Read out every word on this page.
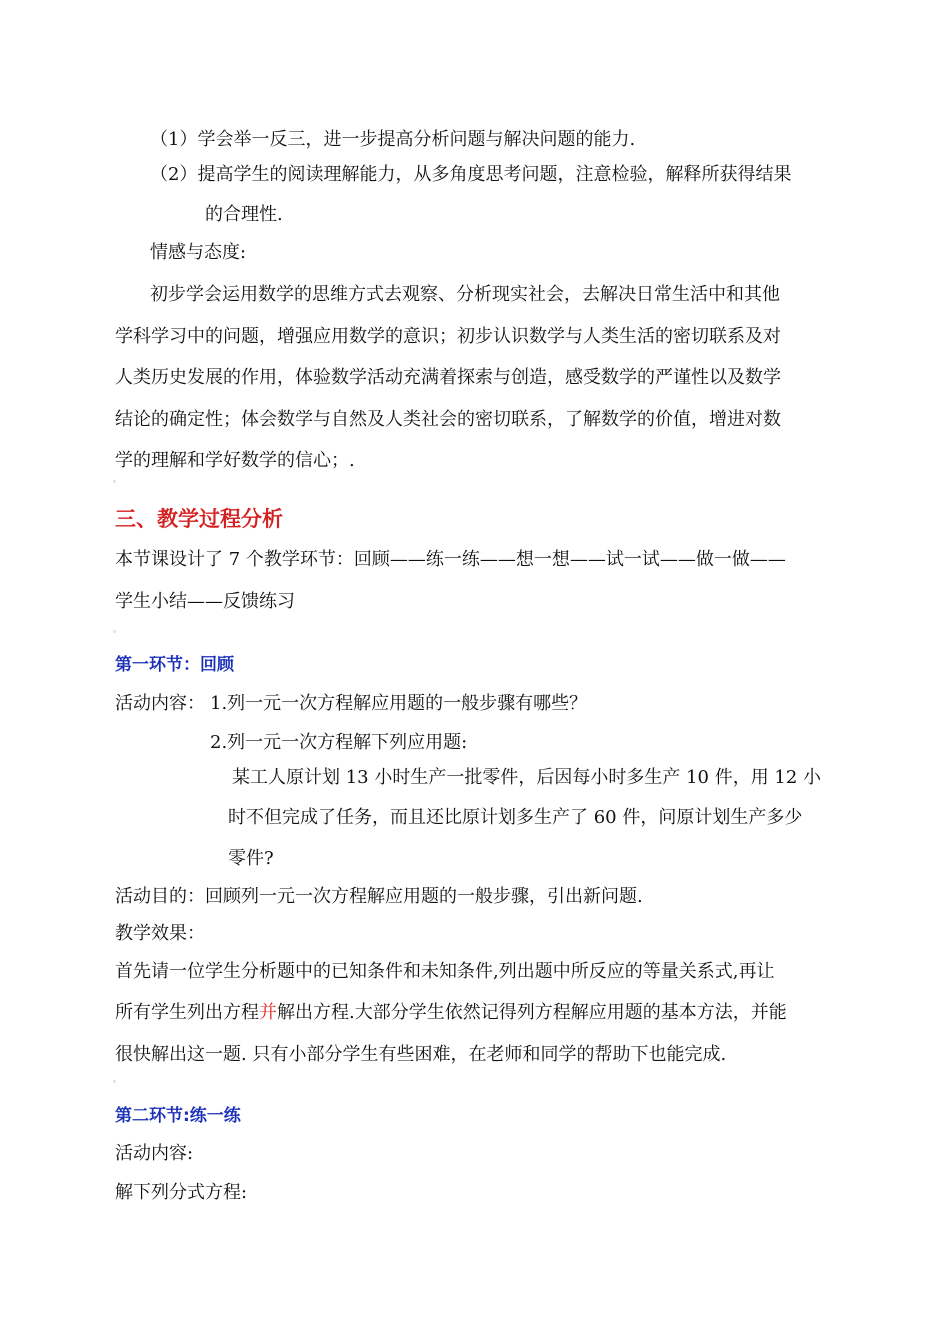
（1）学会举一反三，进一步提高分析问题与解决问题的能力.
（2）提高学生的阅读理解能力，从多角度思考问题，注意检验，解释所获得结果
的合理性.
情感与态度:
初步学会运用数学的思维方式去观察、分析现实社会，去解决日常生活中和其他
学科学习中的问题，增强应用数学的意识；初步认识数学与人类生活的密切联系及对
人类历史发展的作用，体验数学活动充满着探索与创造，感受数学的严谨性以及数学
结论的确定性；体会数学与自然及人类社会的密切联系，了解数学的价值，增进对数
学的理解和学好数学的信心；.
三、教学过程分析
本节课设计了 7 个教学环节：回顾——练一练——想一想——试一试——做一做——
学生小结——反馈练习
第一环节：回顾
活动内容： 1.列一元一次方程解应用题的一般步骤有哪些？
2.列一元一次方程解下列应用题:
某工人原计划 13 小时生产一批零件，后因每小时多生产 10 件，用 12 小
时不但完成了任务，而且还比原计划多生产了 60 件，问原计划生产多少
零件?
活动目的：回顾列一元一次方程解应用题的一般步骤，引出新问题.
教学效果：
首先请一位学生分析题中的已知条件和未知条件,列出题中所反应的等量关系式,再让
所有学生列出方程并解出方程.大部分学生依然记得列方程解应用题的基本方法，并能
很快解出这一题. 只有小部分学生有些困难，在老师和同学的帮助下也能完成.
第二环节:练一练
活动内容:
解下列分式方程:
